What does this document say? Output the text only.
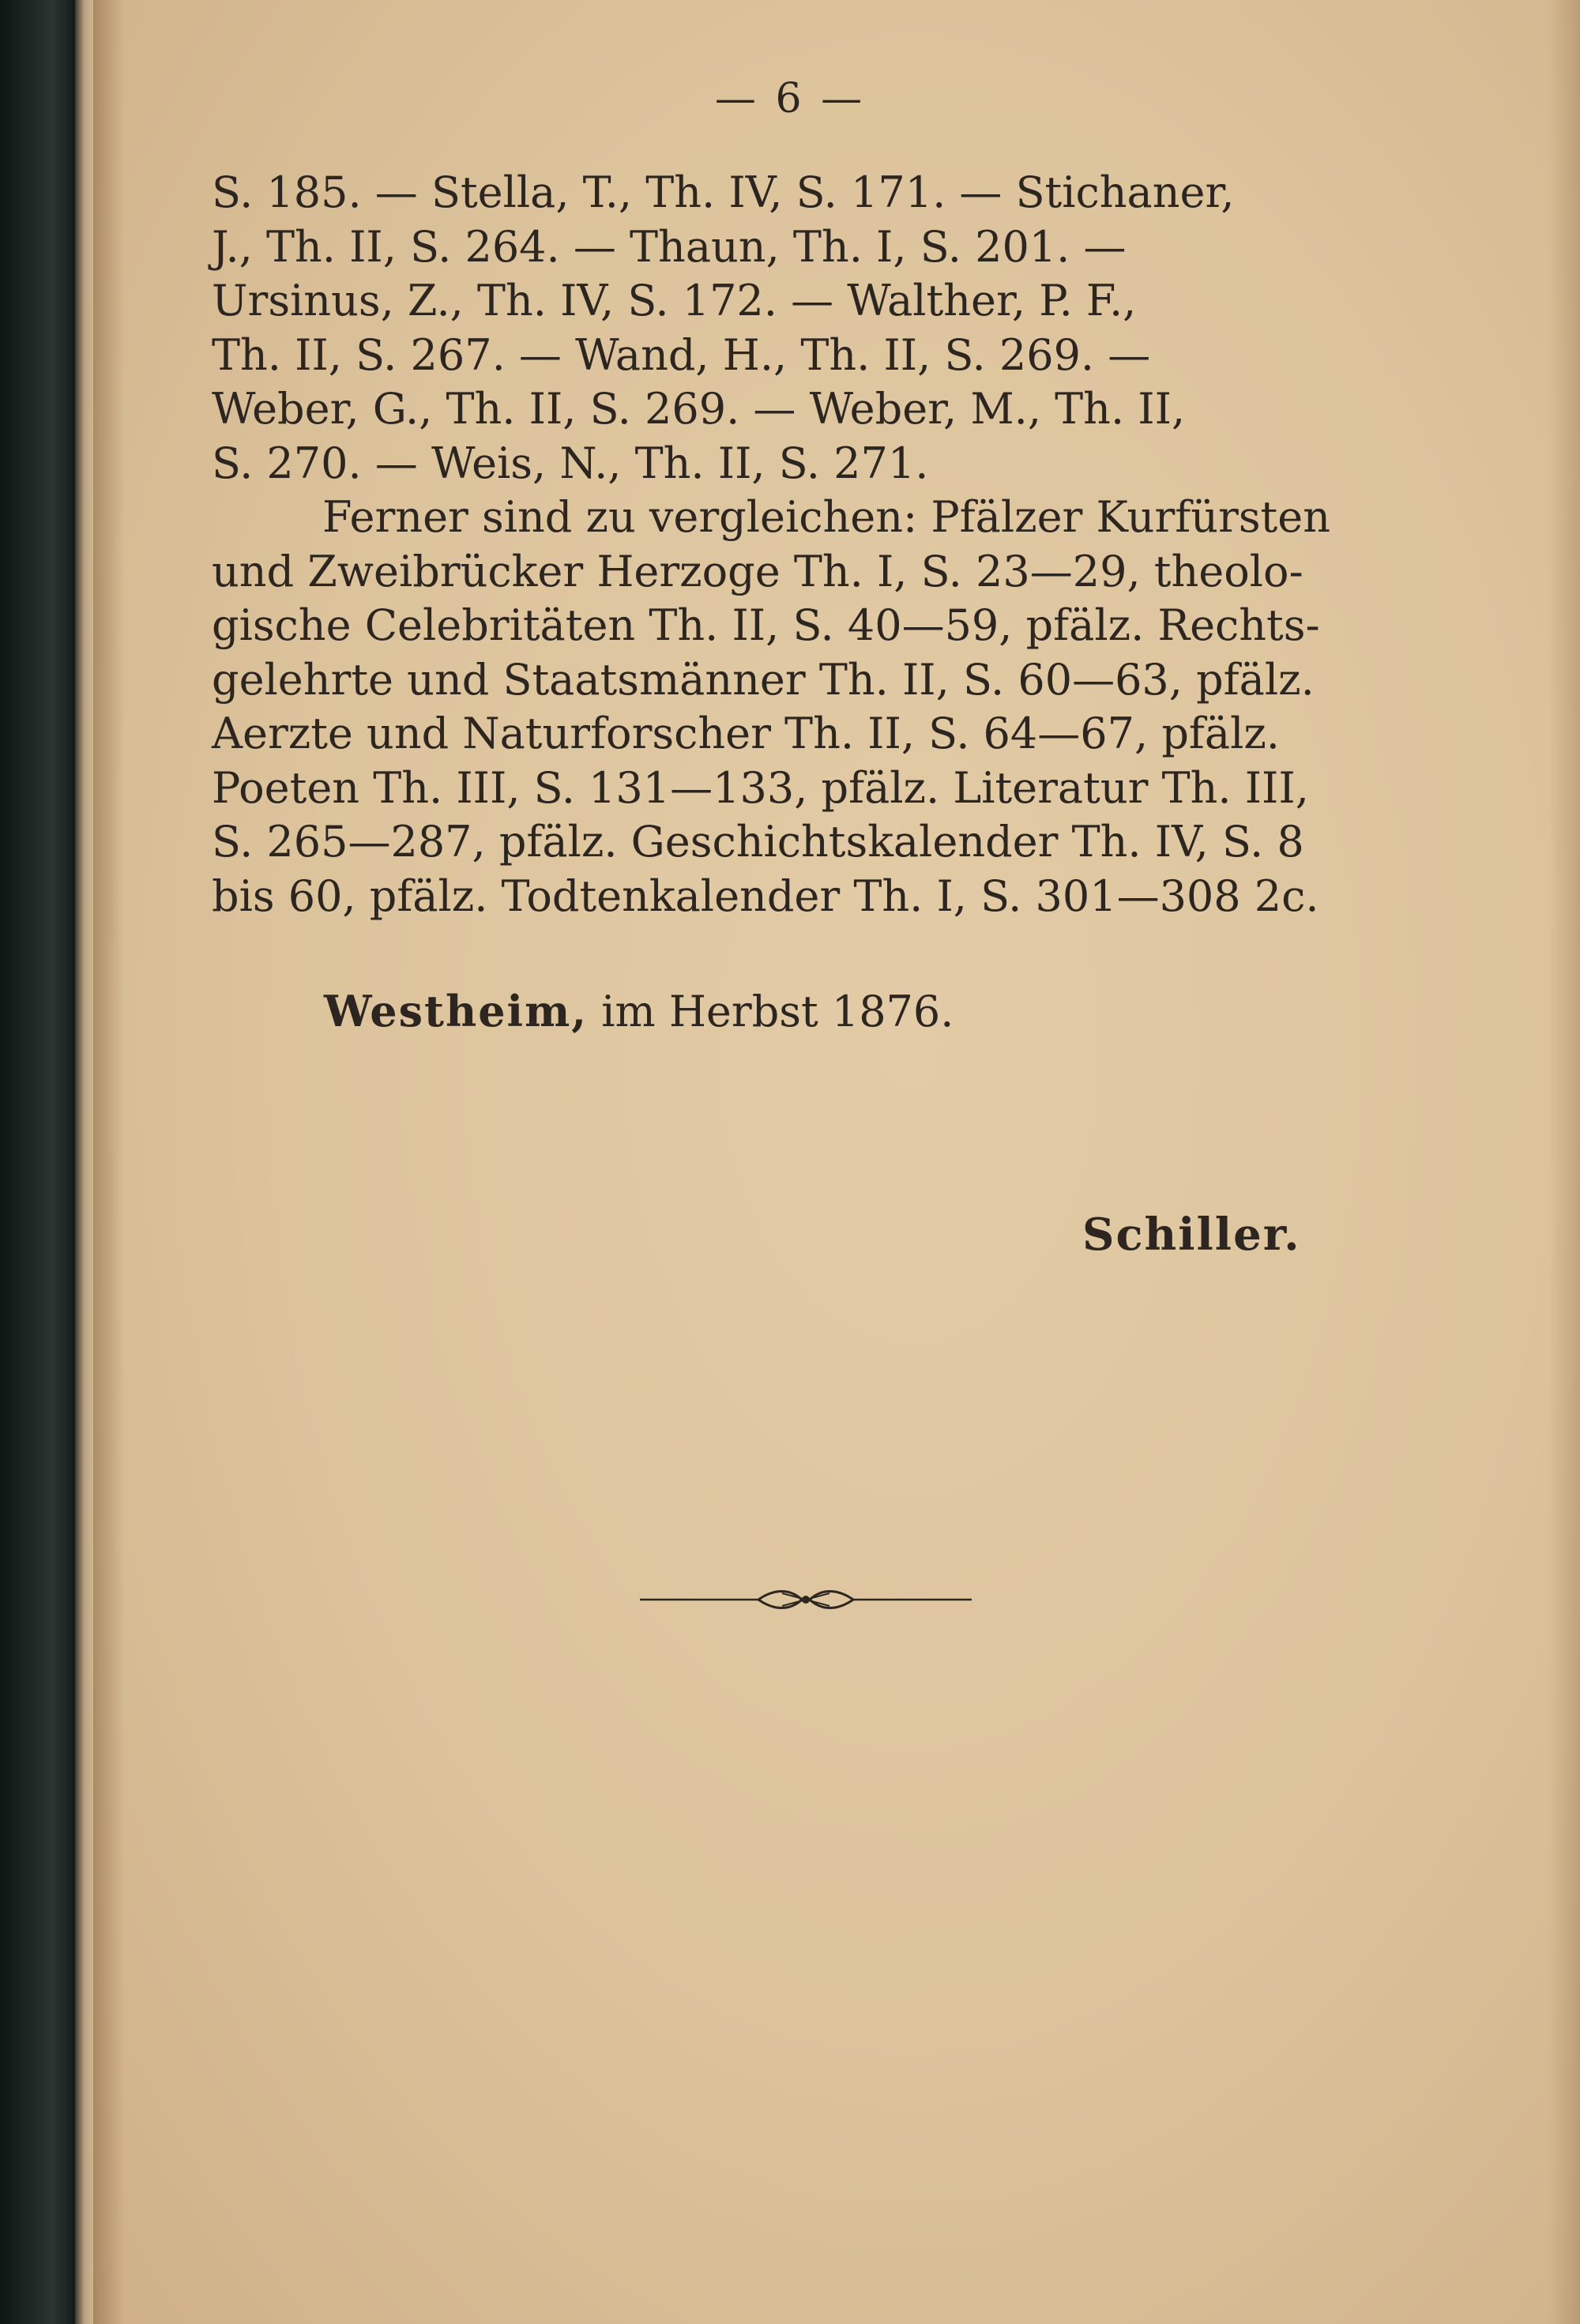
— 6 —
S. 185. — Stella, T., Th. IV, S. 171. — Stichaner,
J., Th. II, S. 264. — Thaun, Th. I, S. 201. —
Ursinus, Z., Th. IV, S. 172. — Walther, P. F.,
Th. II, S. 267. — Wand, H., Th. II, S. 269. —
Weber, G., Th. II, S. 269. — Weber, M., Th. II,
S. 270. — Weis, N., Th. II, S. 271.
Ferner sind zu vergleichen: Pfälzer Kurfürsten
und Zweibrücker Herzoge Th. I, S. 23—29, theolo-
gische Celebritäten Th. II, S. 40—59, pfälz. Rechts-
gelehrte und Staatsmänner Th. II, S. 60—63, pfälz.
Aerzte und Naturforscher Th. II, S. 64—67, pfälz.
Poeten Th. III, S. 131—133, pfälz. Literatur Th. III,
S. 265—287, pfälz. Geschichtskalender Th. IV, S. 8
bis 60, pfälz. Todtenkalender Th. I, S. 301—308 2c.
Westheim, im Herbst 1876.
Schiller.
